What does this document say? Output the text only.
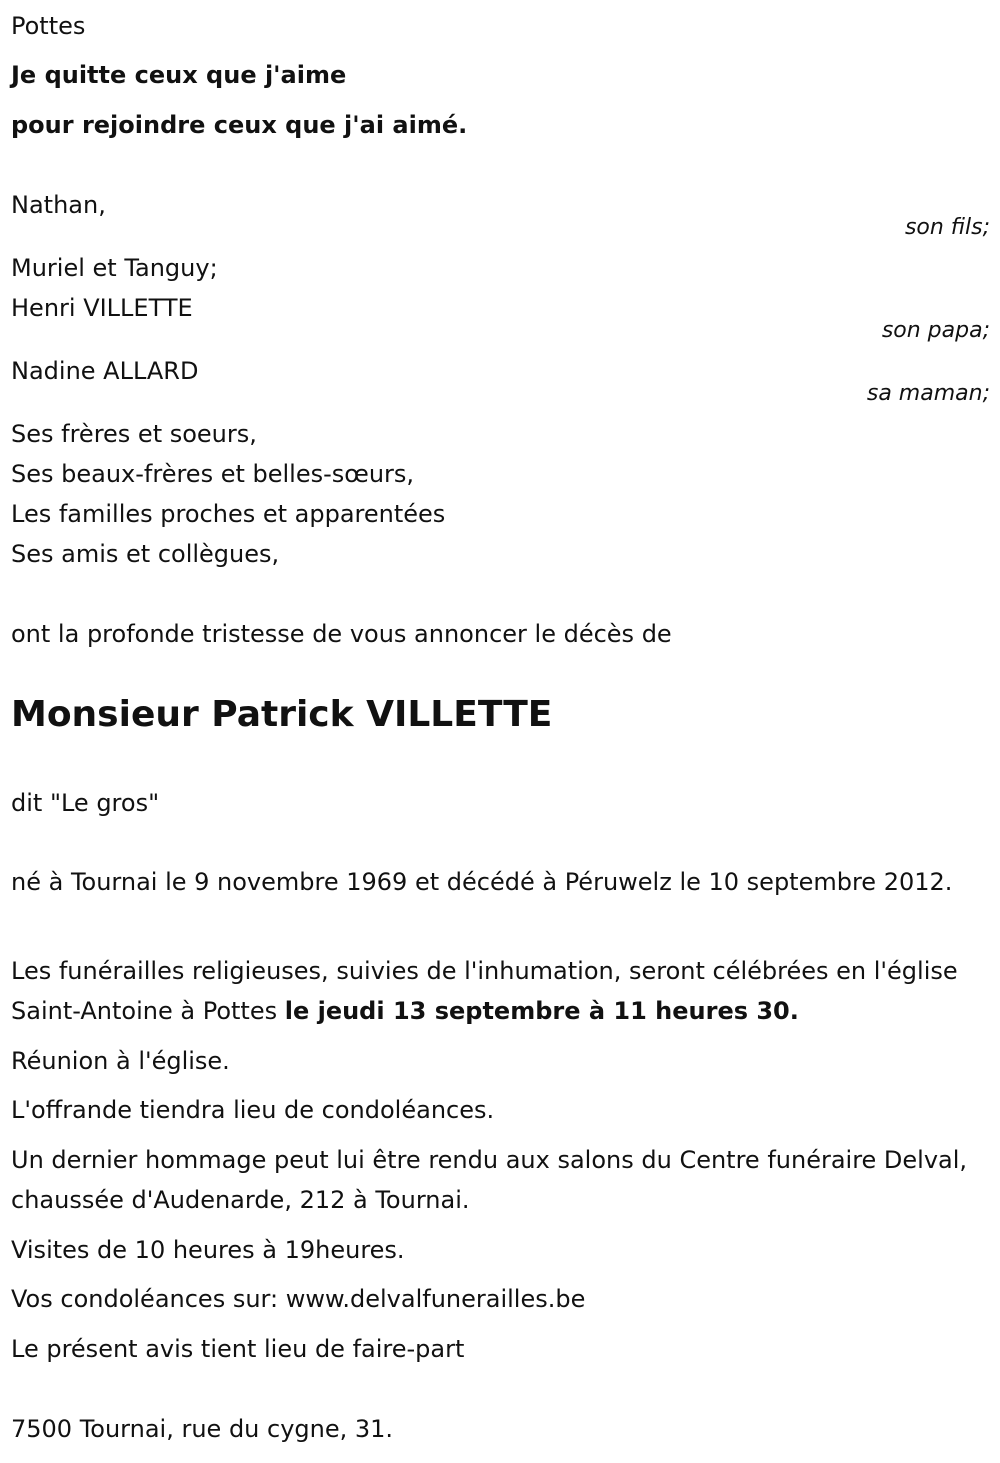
Pottes

Je quitte ceux que j'aime

pour rejoindre ceux que j'ai aimé.

Nathan,

son fils;

Muriel et Tanguy;

Henri VILLETTE

son papa;

Nadine ALLARD

sa maman;

Ses frères et soeurs,

Ses beaux-frères et belles-sœurs,

Les familles proches et apparentées

Ses amis et collègues,

ont la profonde tristesse de vous annoncer le décès de

Monsieur Patrick VILLETTE

dit "Le gros"

né à Tournai le 9 novembre 1969 et décédé à Péruwelz le 10 septembre 2012.

Les funérailles religieuses, suivies de l'inhumation, seront célébrées en l'église Saint-Antoine à Pottes le jeudi 13 septembre à 11 heures 30.

Réunion à l'église.

L'offrande tiendra lieu de condoléances.

Un dernier hommage peut lui être rendu aux salons du Centre funéraire Delval, chaussée d'Audenarde, 212 à Tournai.

Visites de 10 heures à 19heures.

Vos condoléances sur: www.delvalfunerailles.be

Le présent avis tient lieu de faire-part

7500 Tournai, rue du cygne, 31.
